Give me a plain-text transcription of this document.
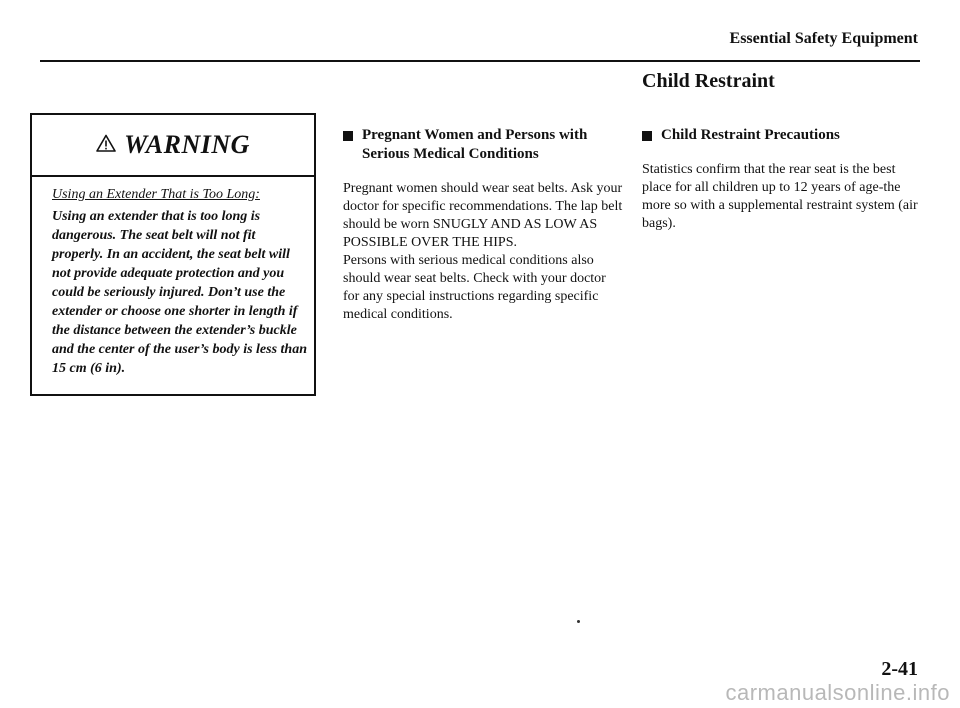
Essential Safety Equipment
Child Restraint
WARNING
Using an Extender That is Too Long:
Using an extender that is too long is dangerous. The seat belt will not fit properly. In an accident, the seat belt will not provide adequate protection and you could be seriously injured. Don’t use the extender or choose one shorter in length if the distance between the extender’s buckle and the center of the user’s body is less than 15 cm (6 in).
Pregnant Women and Persons with Serious Medical Conditions

Pregnant women should wear seat belts. Ask your doctor for specific recommendations. The lap belt should be worn SNUGLY AND AS LOW AS POSSIBLE OVER THE HIPS.

Persons with serious medical conditions also should wear seat belts. Check with your doctor for any special instructions regarding specific medical conditions.

Child Restraint Precautions

Statistics confirm that the rear seat is the best place for all children up to 12 years of age-the more so with a supplemental restraint system (air bags).

2-41
carmanualsonline.info
